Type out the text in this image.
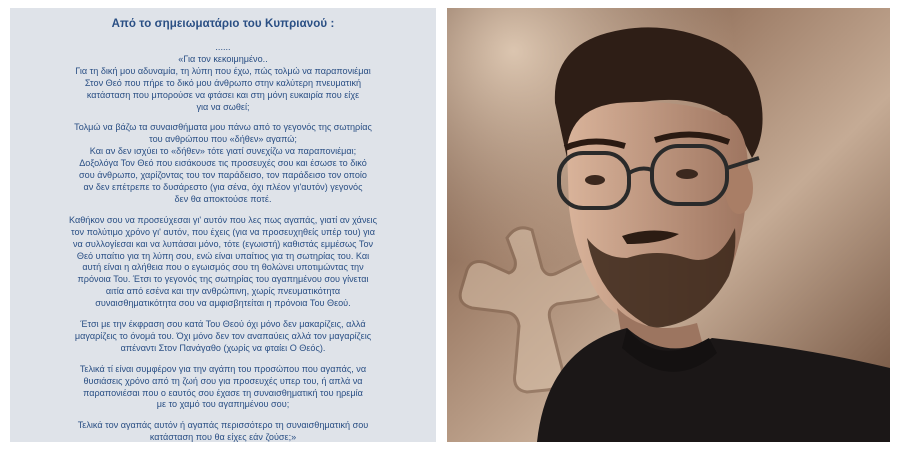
Από το σημειωματάριο του Κυπριανού :
......
«Για τον κεκοιμημένο..
Για τη δική μου αδυναμία, τη λύπη που έχω, πώς τολμώ να παραπονιέμαι
Στον Θεό που πήρε το δικό μου άνθρωπο στην καλύτερη πνευματική
κατάσταση που μπορούσε να φτάσει και στη μόνη ευκαιρία που είχε
για να σωθεί;
Τολμώ να βάζω τα συναισθήματα μου πάνω από το γεγονός της σωτηρίας
του ανθρώπου που «δήθεν» αγαπώ;
Και αν δεν ισχύει το «δήθεν» τότε γιατί συνεχίζω να παραπονιέμαι;
Δοξολόγα Τον Θεό που εισάκουσε τις προσευχές σου και έσωσε το δικό
σου άνθρωπο, χαρίζοντας του τον παράδεισο, τον παράδεισο τον οποίο
αν δεν επέτρεπε το δυσάρεστο (για σένα, όχι πλέον γι'αυτόν) γεγονός
δεν θα αποκτούσε ποτέ.
Καθήκον σου να προσεύχεσαι γι' αυτόν που λες πως αγαπάς, γιατί αν χάνεις
τον πολύτιμο χρόνο γι' αυτόν, που έχεις (για να προσευχηθείς υπέρ του) για
να συλλογίεσαι και να λυπάσαι μόνο, τότε (εγωιστή) καθιστάς εμμέσως Τον
Θεό υπαίτιο για τη λύπη σου, ενώ είναι υπαίτιος για τη σωτηρίας του. Και
αυτή είναι η αλήθεια που ο εγωισμός σου τη θολώνει υποτιμώντας την
πρόνοια Του. Έτσι το γεγονός της σωτηρίας του αγαπημένου σου γίνεται
αιτία από εσένα και την ανθρώπινη, χωρίς πνευματικότητα
συναισθηματικότητα σου να αμφισβητείται η πρόνοια Του Θεού.
Έτσι με την έκφραση σου κατά Του Θεού όχι μόνο δεν μακαρίζεις, αλλά
μαγαρίζεις το όνομά του. Όχι μόνο δεν τον αναπαύεις αλλά τον μαγαρίζεις
απέναντι Στον Πανάγαθο (χωρίς να φταίει Ο Θεός).
Τελικά τί είναι συμφέρον για την αγάπη του προσώπου που αγαπάς, να
θυσιάσεις χρόνο από τη ζωή σου για προσευχές υπερ του, ή απλά να
παραπονιέσαι που ο εαυτός σου έχασε τη συναισθηματική του ηρεμία
με το χαμό του αγαπημένου σου;
Τελικά τον αγαπάς αυτόν ή αγαπάς περισσότερο τη συναισθηματική σου
κατάσταση που θα είχες εάν ζούσε;»
